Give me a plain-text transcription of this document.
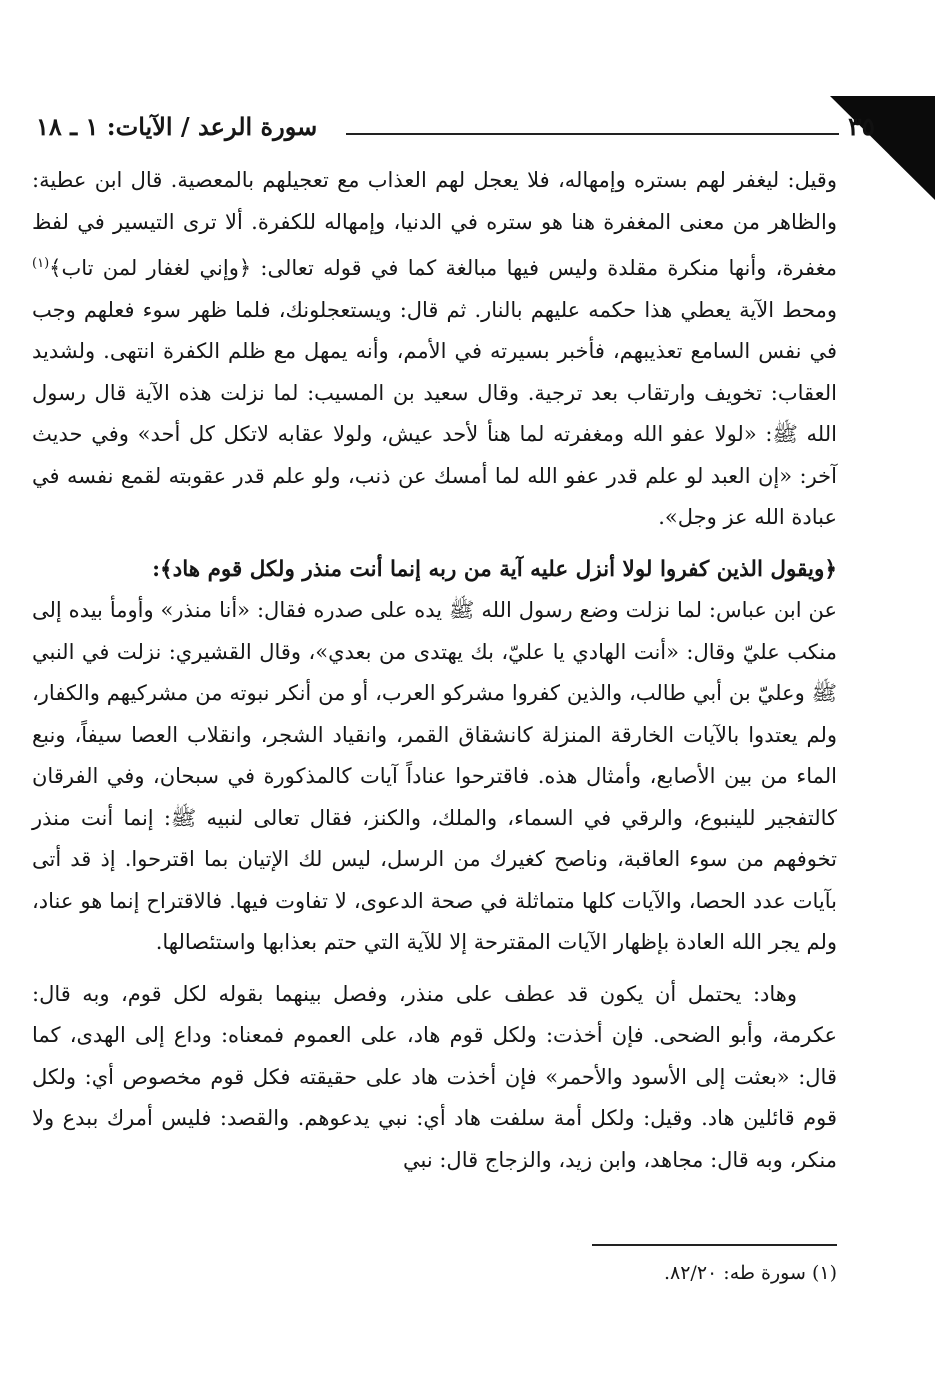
٣٥
سورة الرعد / الآيات: ١ ـ ١٨

وقيل: ليغفر لهم بستره وإمهاله، فلا يعجل لهم العذاب مع تعجيلهم بالمعصية. قال ابن عطية: والظاهر من معنى المغفرة هنا هو ستره في الدنيا، وإمهاله للكفرة. ألا ترى التيسير في لفظ مغفرة، وأنها منكرة مقلدة وليس فيها مبالغة كما في قوله تعالى: ﴿وإني لغفار لمن تاب﴾$^{(١)}$ ومحط الآية يعطي هذا حكمه عليهم بالنار. ثم قال: ويستعجلونك، فلما ظهر سوء فعلهم وجب في نفس السامع تعذيبهم، فأخبر بسيرته في الأمم، وأنه يمهل مع ظلم الكفرة انتهى. ولشديد العقاب: تخويف وارتقاب بعد ترجية. وقال سعيد بن المسيب: لما نزلت هذه الآية قال رسول الله ﷺ: «لولا عفو الله ومغفرته لما هنأ لأحد عيش، ولولا عقابه لاتكل كل أحد» وفي حديث آخر: «إن العبد لو علم قدر عفو الله لما أمسك عن ذنب، ولو علم قدر عقوبته لقمع نفسه في عبادة الله عز وجل».

﴿ويقول الذين كفروا لولا أنزل عليه آية من ربه إنما أنت منذر ولكل قوم هاد﴾:

عن ابن عباس: لما نزلت وضع رسول الله ﷺ يده على صدره فقال: «أنا منذر» وأومأ بيده إلى منكب عليّ وقال: «أنت الهادي يا عليّ، بك يهتدى من بعدي»، وقال القشيري: نزلت في النبي ﷺ وعليّ بن أبي طالب، والذين كفروا مشركو العرب، أو من أنكر نبوته من مشركيهم والكفار، ولم يعتدوا بالآيات الخارقة المنزلة كانشقاق القمر، وانقياد الشجر، وانقلاب العصا سيفاً، ونبع الماء من بين الأصابع، وأمثال هذه. فاقترحوا عناداً آيات كالمذكورة في سبحان، وفي الفرقان كالتفجير للينبوع، والرقي في السماء، والملك، والكنز، فقال تعالى لنبيه ﷺ: إنما أنت منذر تخوفهم من سوء العاقبة، وناصح كغيرك من الرسل، ليس لك الإتيان بما اقترحوا. إذ قد أتى بآيات عدد الحصا، والآيات كلها متماثلة في صحة الدعوى، لا تفاوت فيها. فالاقتراح إنما هو عناد، ولم يجر الله العادة بإظهار الآيات المقترحة إلا للآية التي حتم بعذابها واستئصالها.

وهاد: يحتمل أن يكون قد عطف على منذر، وفصل بينهما بقوله لكل قوم، وبه قال: عكرمة، وأبو الضحى. فإن أخذت: ولكل قوم هاد، على العموم فمعناه: وداع إلى الهدى، كما قال: «بعثت إلى الأسود والأحمر» فإن أخذت هاد على حقيقته فكل قوم مخصوص أي: ولكل قوم قائلين هاد. وقيل: ولكل أمة سلفت هاد أي: نبي يدعوهم. والقصد: فليس أمرك ببدع ولا منكر، وبه قال: مجاهد، وابن زيد، والزجاج قال: نبي

(١) سورة طه: ٨٢/٢٠.
